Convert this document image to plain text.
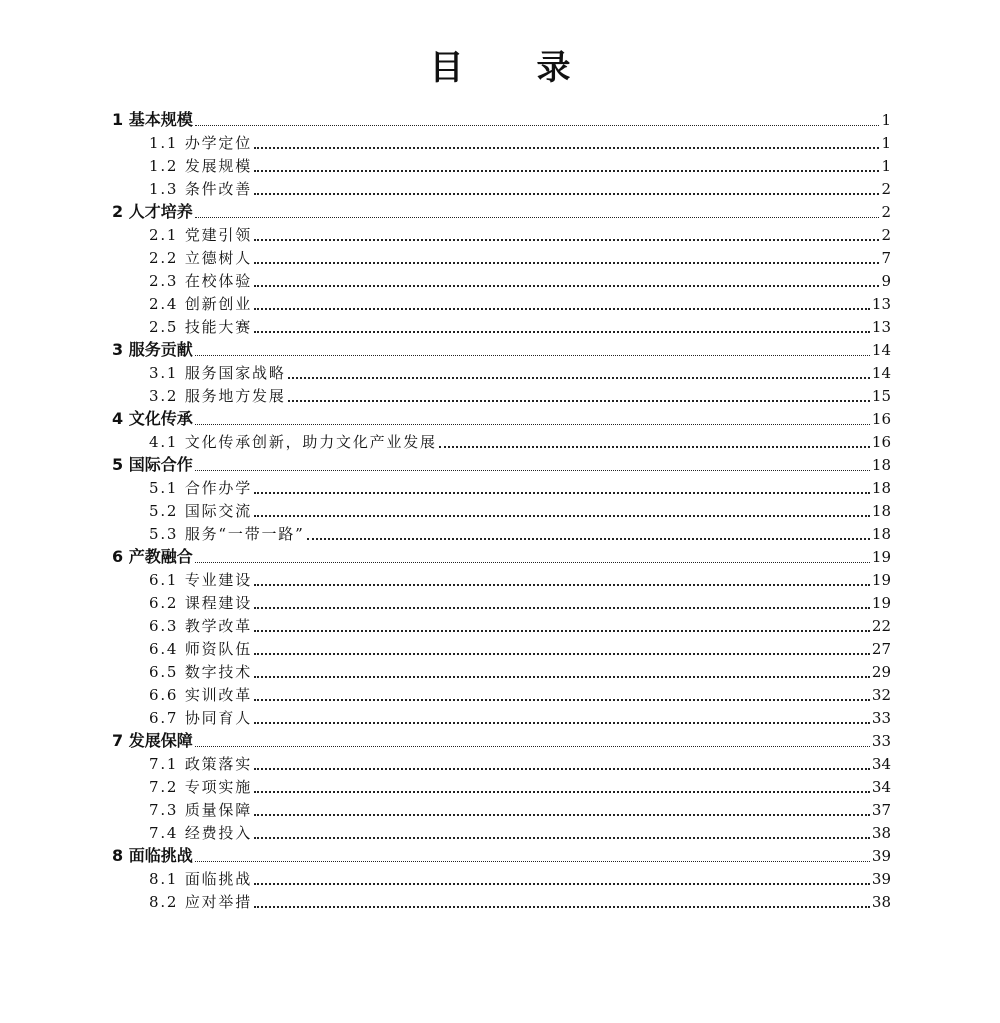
目 录
1 基本规模	1
1.1 办学定位	1
1.2 发展规模	1
1.3 条件改善	2
2 人才培养	2
2.1 党建引领	2
2.2 立德树人	7
2.3 在校体验	9
2.4 创新创业	13
2.5 技能大赛	13
3 服务贡献	14
3.1 服务国家战略	14
3.2 服务地方发展	15
4 文化传承	16
4.1 文化传承创新，助力文化产业发展	16
5 国际合作	18
5.1 合作办学	18
5.2 国际交流	18
5.3 服务“一带一路”	18
6 产教融合	19
6.1 专业建设	19
6.2 课程建设	19
6.3 教学改革	22
6.4 师资队伍	27
6.5 数字技术	29
6.6 实训改革	32
6.7 协同育人	33
7 发展保障	33
7.1 政策落实	34
7.2 专项实施	34
7.3 质量保障	37
7.4 经费投入	38
8 面临挑战	39
8.1 面临挑战	39
8.2 应对举措	38
